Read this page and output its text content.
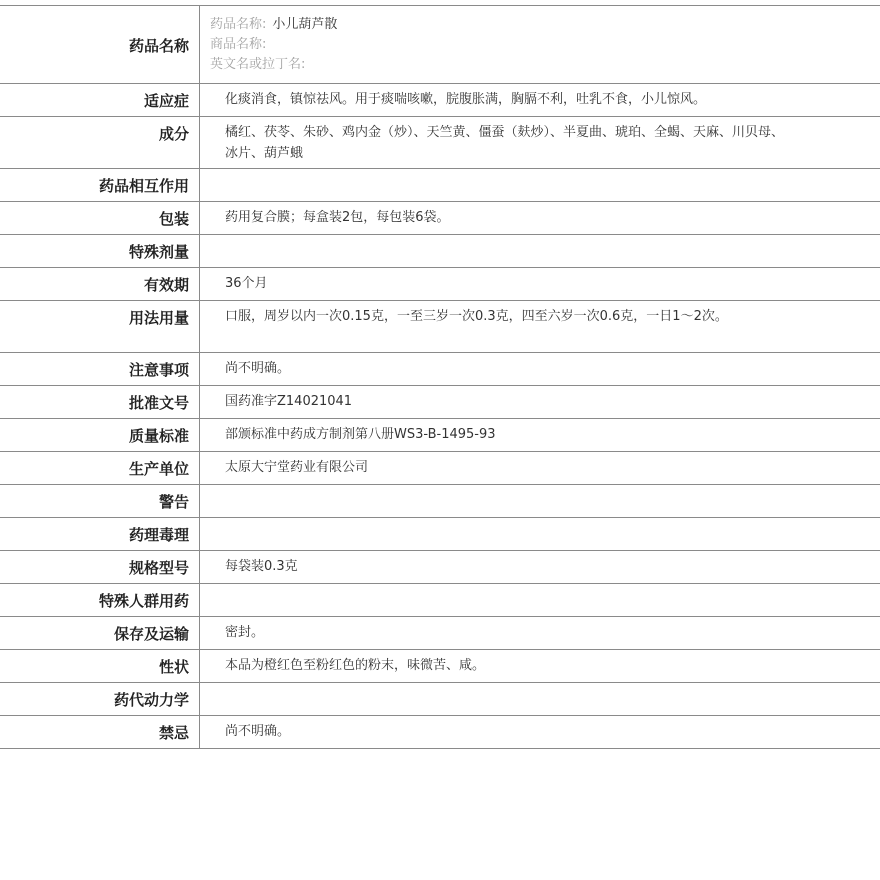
药品名称
药品名称: 小儿葫芦散
商品名称:
英文名或拉丁名:
适应症	化痰消食，镇惊祛风。用于痰喘咳嗽，脘腹胀满，胸膈不利，吐乳不食，小儿惊风。
成分	橘红、茯苓、朱砂、鸡内金（炒）、天竺黄、僵蚕（麸炒）、半夏曲、琥珀、全蝎、天麻、川贝母、冰片、葫芦蛾
药品相互作用
包装	药用复合膜；每盒装2包，每包装6袋。
特殊剂量
有效期	36个月
用法用量	口服，周岁以内一次0.15克，一至三岁一次0.3克，四至六岁一次0.6克，一日1～2次。
注意事项	尚不明确。
批准文号	国药准字Z14021041
质量标准	部颁标准中药成方制剂第八册WS3-B-1495-93
生产单位	太原大宁堂药业有限公司
警告
药理毒理
规格型号	每袋装0.3克
特殊人群用药
保存及运输	密封。
性状	本品为橙红色至粉红色的粉末，味微苦、咸。
药代动力学
禁忌	尚不明确。
